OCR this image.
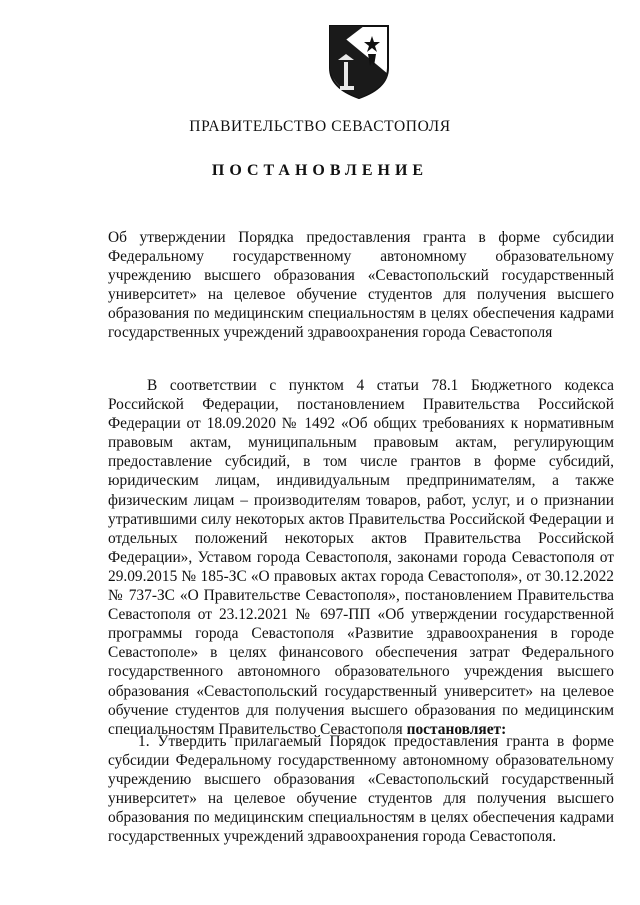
ПРАВИТЕЛЬСТВО СЕВАСТОПОЛЯ
ПОСТАНОВЛЕНИЕ
Об утверждении Порядка предоставления гранта в форме субсидии Федеральному государственному автономному образовательному учреждению высшего образования «Севастопольский государственный университет» на целевое обучение студентов для получения высшего образования по медицинским специальностям в целях обеспечения кадрами государственных учреждений здравоохранения города Севастополя
В соответствии с пунктом 4 статьи 78.1 Бюджетного кодекса Российской Федерации, постановлением Правительства Российской Федерации от 18.09.2020 № 1492 «Об общих требованиях к нормативным правовым актам, муниципальным правовым актам, регулирующим предоставление субсидий, в том числе грантов в форме субсидий, юридическим лицам, индивидуальным предпринимателям, а также физическим лицам – производителям товаров, работ, услуг, и о признании утратившими силу некоторых актов Правительства Российской Федерации и отдельных положений некоторых актов Правительства Российской Федерации», Уставом города Севастополя, законами города Севастополя от 29.09.2015 № 185-ЗС «О правовых актах города Севастополя», от 30.12.2022 № 737-ЗС «О Правительстве Севастополя», постановлением Правительства Севастополя от 23.12.2021 № 697-ПП «Об утверждении государственной программы города Севастополя «Развитие здравоохранения в городе Севастополе» в целях финансового обеспечения затрат Федерального государственного автономного образовательного учреждения высшего образования «Севастопольский государственный университет» на целевое обучение студентов для получения высшего образования по медицинским специальностям Правительство Севастополя постановляет:
1. Утвердить прилагаемый Порядок предоставления гранта в форме субсидии Федеральному государственному автономному образовательному учреждению высшего образования «Севастопольский государственный университет» на целевое обучение студентов для получения высшего образования по медицинским специальностям в целях обеспечения кадрами государственных учреждений здравоохранения города Севастополя.
